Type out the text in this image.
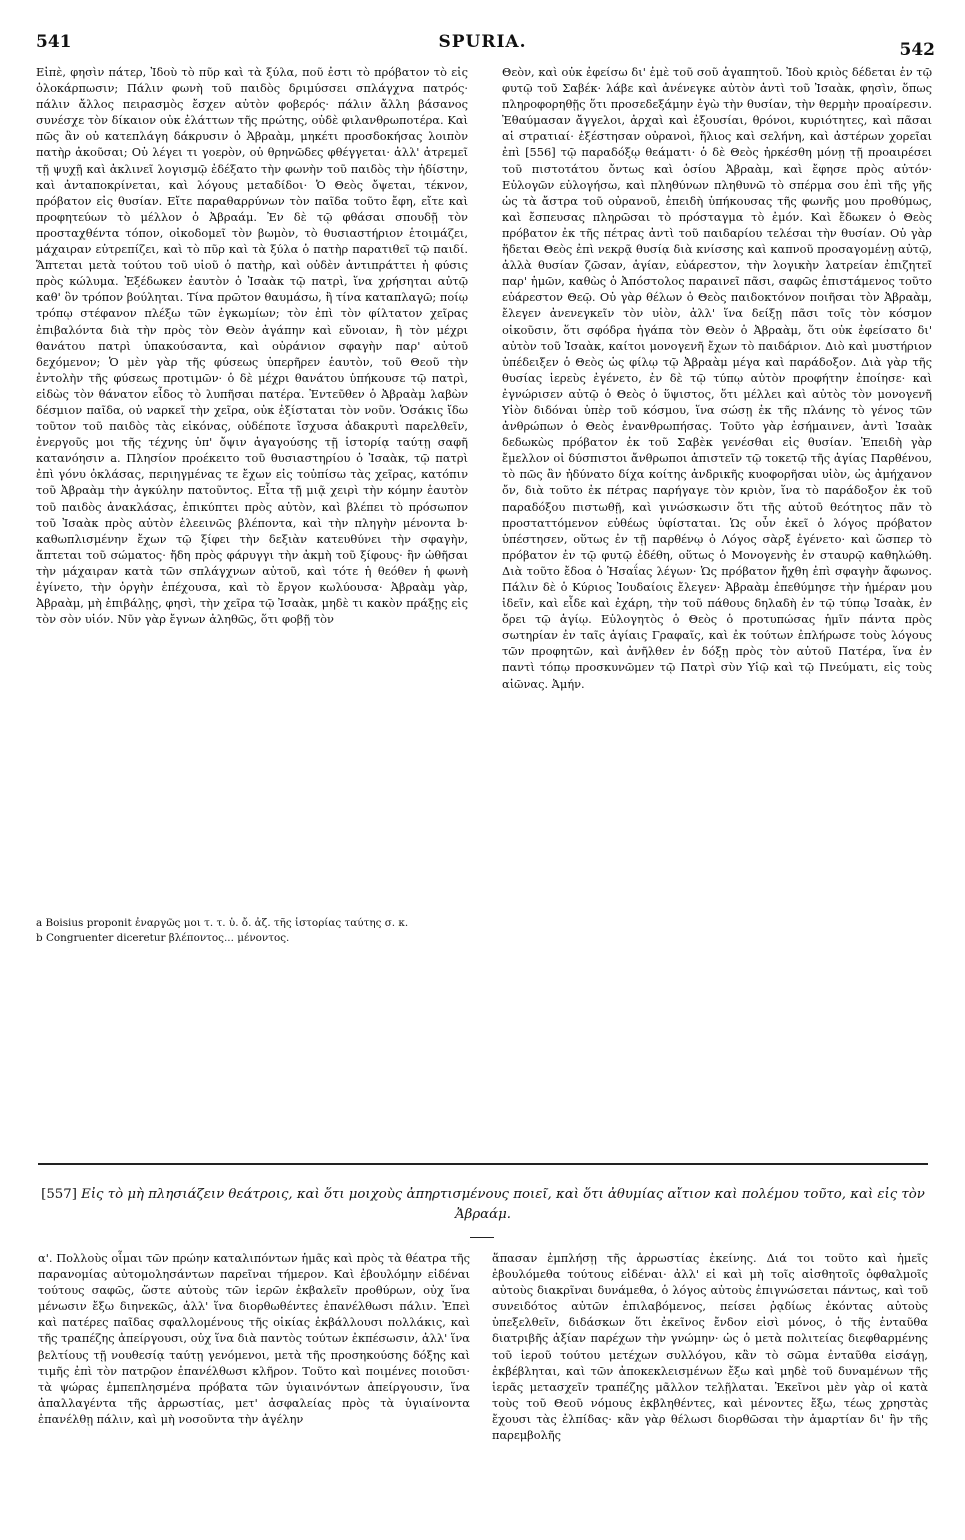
541	SPURIA.	542

Εἰπὲ, φησὶν πάτερ, Ἰδοὺ τὸ πῦρ καὶ τὰ ξύλα, ποῦ ἐστι τὸ πρόβατον τὸ εἰς ὁλοκάρπωσιν; Πάλιν φωνὴ τοῦ παιδὸς δριμύσσει σπλάγχνα πατρός· πάλιν ἄλλος πειρασμὸς ἔσχεν αὐτὸν φοβερός· πάλιν ἄλλη βάσανος συνέσχε τὸν δίκαιον οὐκ ἐλάττων τῆς πρώτης, οὐδὲ φιλανθρωποτέρα. Καὶ πῶς ἂν οὐ κατεπλάγη δάκρυσιν ὁ Ἀβραὰμ, μηκέτι προσδοκήσας λοιπὸν πατὴρ ἀκοῦσαι; Οὐ λέγει τι γοερὸν, οὐ θρηνῶδες φθέγγεται· ἀλλ' ἀτρεμεῖ τῇ ψυχῇ καὶ ἀκλινεῖ λογισμῷ ἐδέξατο τὴν φωνὴν τοῦ παιδὸς τὴν ἡδίστην, καὶ ἀνταποκρίνεται, καὶ λόγους μεταδίδοι· Ὁ Θεὸς ὄψεται, τέκνον, πρόβατον εἰς θυσίαν. Εἴτε παραθαρρύνων τὸν παῖδα τοῦτο ἔφη, εἴτε καὶ προφητεύων τὸ μέλλον ὁ Ἀβραάμ. Ἐν δὲ τῷ φθάσαι σπουδῇ τὸν προσταχθέντα τόπον, οἰκοδομεῖ τὸν βωμὸν, τὸ θυσιαστήριον ἑτοιμάζει, μάχαιραν εὐτρεπίζει, καὶ τὸ πῦρ καὶ τὰ ξύλα ὁ πατὴρ παρατιθεῖ τῷ παιδί. Ἅπτεται μετὰ τούτου τοῦ υἱοῦ ὁ πατὴρ, καὶ οὐδὲν ἀντιπράττει ἡ φύσις πρὸς κώλυμα. Ἐξέδωκεν ἑαυτὸν ὁ Ἰσαὰκ τῷ πατρὶ, ἵνα χρήσηται αὐτῷ καθ' ὃν τρόπον βούληται. Τίνα πρῶτον θαυμάσω, ἢ τίνα καταπλαγῶ; ποίῳ τρόπῳ στέφανον πλέξω τῶν ἐγκωμίων; τὸν ἐπὶ τὸν φίλτατον χεῖρας ἐπιβαλόντα διὰ τὴν πρὸς τὸν Θεὸν ἀγάπην καὶ εὔνοιαν, ἢ τὸν μέχρι θανάτου πατρὶ ὑπακούσαντα, καὶ οὐράνιον σφαγὴν παρ' αὐτοῦ δεχόμενον; Ὁ μὲν γὰρ τῆς φύσεως ὑπερῆρεν ἑαυτὸν, τοῦ Θεοῦ τὴν ἐντολὴν τῆς φύσεως προτιμῶν· ὁ δὲ μέχρι θανάτου ὑπήκουσε τῷ πατρὶ, εἰδὼς τὸν θάνατον εἶδος τὸ λυπῆσαι πατέρα. Ἐντεῦθεν ὁ Ἀβραὰμ λαβὼν δέσμιον παῖδα, οὐ ναρκεῖ τὴν χεῖρα, οὐκ ἐξίσταται τὸν νοῦν. Ὁσάκις ἴδω τοῦτον τοῦ παιδὸς τὰς εἰκόνας, οὐδέποτε ἴσχυσα ἀδακρυτὶ παρελθεῖν, ἐνεργοῦς μοι τῆς τέχνης ὑπ' ὄψιν ἀγαγούσης τῇ ἱστορίᾳ ταύτῃ σαφῆ κατανόησιν a. Πλησίον προέκειτο τοῦ θυσιαστηρίου ὁ Ἰσαὰκ, τῷ πατρὶ ἐπὶ γόνυ ὀκλάσας, περιηγμένας τε ἔχων εἰς τοὐπίσω τὰς χεῖρας, κατόπιν τοῦ Ἀβραὰμ τὴν ἀγκύλην πατοῦντος. Εἶτα τῇ μιᾷ χειρὶ τὴν κόμην ἑαυτὸν τοῦ παιδὸς ἀνακλάσας, ἐπικύπτει πρὸς αὐτὸν, καὶ βλέπει τὸ πρόσωπον τοῦ Ἰσαὰκ πρὸς αὐτὸν ἐλεεινῶς βλέποντα, καὶ τὴν πληγὴν μένοντα b· καθωπλισμένην ἔχων τῷ ξίφει τὴν δεξιὰν κατευθύνει τὴν σφαγὴν, ἅπτεται τοῦ σώματος· ἤδη πρὸς φάρυγγι τὴν ἀκμὴ τοῦ ξίφους· ἣν ὠθῆσαι τὴν μάχαιραν κατὰ τῶν σπλάγχνων αὐτοῦ, καὶ τότε ἡ θεόθεν ἡ φωνὴ ἐγίνετο, τὴν ὀργὴν ἐπέχουσα, καὶ τὸ ἔργον κωλύουσα· Ἀβραὰμ γὰρ, Ἀβραὰμ, μὴ ἐπιβάλῃς, φησὶ, τὴν χεῖρα τῷ Ἰσαὰκ, μηδὲ τι κακὸν πράξῃς εἰς τὸν σὸν υἱόν. Νῦν γὰρ ἔγνων ἀληθῶς, ὅτι φοβῇ τὸν

Θεὸν, καὶ οὐκ ἐφείσω δι' ἐμὲ τοῦ σοῦ ἀγαπητοῦ. Ἰδοὺ κριὸς δέδεται ἐν τῷ φυτῷ τοῦ Σαβέκ· λάβε καὶ ἀνένεγκε αὐτὸν ἀντὶ τοῦ Ἰσαὰκ, φησὶν, ὅπως πληροφορηθῇς ὅτι προσεδεξάμην ἐγὼ τὴν θυσίαν, τὴν θερμὴν προαίρεσιν. Ἐθαύμασαν ἄγγελοι, ἀρχαὶ καὶ ἐξουσίαι, θρόνοι, κυριότητες, καὶ πᾶσαι αἱ στρατιαί· ἐξέστησαν οὐρανοὶ, ἥλιος καὶ σελήνη, καὶ ἀστέρων χορεῖαι ἐπὶ [556] τῷ παραδόξῳ θεάματι· ὁ δὲ Θεὸς ἠρκέσθη μόνῃ τῇ προαιρέσει τοῦ πιστοτάτου ὄντως καὶ ὁσίου Ἀβραὰμ, καὶ ἔφησε πρὸς αὐτόν· Εὐλογῶν εὐλογήσω, καὶ πληθύνων πληθυνῶ τὸ σπέρμα σου ἐπὶ τῆς γῆς ὡς τὰ ἄστρα τοῦ οὐρανοῦ, ἐπειδὴ ὑπήκουσας τῆς φωνῆς μου προθύμως, καὶ ἔσπευσας πληρῶσαι τὸ πρόσταγμα τὸ ἐμόν. Καὶ ἔδωκεν ὁ Θεὸς πρόβατον ἐκ τῆς πέτρας ἀντὶ τοῦ παιδαρίου τελέσαι τὴν θυσίαν. Οὐ γὰρ ἥδεται Θεὸς ἐπὶ νεκρᾷ θυσίᾳ διὰ κνίσσης καὶ καπνοῦ προσαγομένῃ αὐτῷ, ἀλλὰ θυσίαν ζῶσαν, ἁγίαν, εὐάρεστον, τὴν λογικὴν λατρείαν ἐπιζητεῖ παρ' ἡμῶν, καθὼς ὁ Ἀπόστολος παραινεῖ πᾶσι, σαφῶς ἐπιστάμενος τοῦτο εὐάρεστον Θεῷ. Οὐ γὰρ θέλων ὁ Θεὸς παιδοκτόνον ποιῆσαι τὸν Ἀβραὰμ, ἔλεγεν ἀνενεγκεῖν τὸν υἱὸν, ἀλλ' ἵνα δείξῃ πᾶσι τοῖς τὸν κόσμον οἰκοῦσιν, ὅτι σφόδρα ἠγάπα τὸν Θεὸν ὁ Ἀβραὰμ, ὅτι οὐκ ἐφείσατο δι' αὐτὸν τοῦ Ἰσαὰκ, καίτοι μονογενῆ ἔχων τὸ παιδάριον. Διὸ καὶ μυστήριον ὑπέδειξεν ὁ Θεὸς ὡς φίλῳ τῷ Ἀβραὰμ μέγα καὶ παράδοξον. Διὰ γὰρ τῆς θυσίας ἱερεὺς ἐγένετο, ἐν δὲ τῷ τύπῳ αὐτὸν προφήτην ἐποίησε· καὶ ἐγνώρισεν αὐτῷ ὁ Θεὸς ὁ ὕψιστος, ὅτι μέλλει καὶ αὐτὸς τὸν μονογενῆ Υἱὸν διδόναι ὑπὲρ τοῦ κόσμου, ἵνα σώσῃ ἐκ τῆς πλάνης τὸ γένος τῶν ἀνθρώπων ὁ Θεὸς ἐνανθρωπήσας. Τοῦτο γὰρ ἐσήμαινεν, ἀντὶ Ἰσαὰκ δεδωκὼς πρόβατον ἐκ τοῦ Σαβὲκ γενέσθαι εἰς θυσίαν. Ἐπειδὴ γὰρ ἔμελλον οἱ δύσπιστοι ἄνθρωποι ἀπιστεῖν τῷ τοκετῷ τῆς ἁγίας Παρθένου, τὸ πῶς ἂν ἠδύνατο δίχα κοίτης ἀνδρικῆς κυοφορῆσαι υἱὸν, ὡς ἀμήχανον ὄν, διὰ τοῦτο ἐκ πέτρας παρήγαγε τὸν κριὸν, ἵνα τὸ παράδοξον ἐκ τοῦ παραδόξου πιστωθῇ, καὶ γινώσκωσιν ὅτι τῆς αὐτοῦ θεότητος πᾶν τὸ προσταττόμενον εὐθέως ὑφίσταται. Ὡς οὖν ἐκεῖ ὁ λόγος πρόβατον ὑπέστησεν, οὕτως ἐν τῇ παρθένῳ ὁ Λόγος σὰρξ ἐγένετο· καὶ ὥσπερ τὸ πρόβατον ἐν τῷ φυτῷ ἐδέθη, οὕτως ὁ Μονογενὴς ἐν σταυρῷ καθηλώθη. Διὰ τοῦτο ἔδοα ὁ Ἡσαΐας λέγων· Ὡς πρόβατον ἤχθη ἐπὶ σφαγὴν ἄφωνος. Πάλιν δὲ ὁ Κύριος Ἰουδαίοις ἔλεγεν· Ἀβραὰμ ἐπεθύμησε τὴν ἡμέραν μου ἰδεῖν, καὶ εἶδε καὶ ἐχάρη, τὴν τοῦ πάθους δηλαδὴ ἐν τῷ τύπῳ Ἰσαὰκ, ἐν ὄρει τῷ ἁγίῳ. Εὐλογητὸς ὁ Θεὸς ὁ προτυπώσας ἡμῖν πάντα πρὸς σωτηρίαν ἐν ταῖς ἁγίαις Γραφαῖς, καὶ ἐκ τούτων ἐπλήρωσε τοὺς λόγους τῶν προφητῶν, καὶ ἀνῆλθεν ἐν δόξῃ πρὸς τὸν αὐτοῦ Πατέρα, ἵνα ἐν παντὶ τόπῳ προσκυνῶμεν τῷ Πατρὶ σὺν Υἱῷ καὶ τῷ Πνεύματι, εἰς τοὺς αἰῶνας. Ἀμήν.

a Boisius proponit ἐναργῶς μοι τ. τ. ὑ. ὄ. ἀζ. τῆς ἱστορίας ταύτης σ. κ.

b Congruenter diceretur βλέποντος... μένοντος.

[557] Εἰς τὸ μὴ πλησιάζειν θεάτροις, καὶ ὅτι μοιχοὺς ἀπηρτισμένους ποιεῖ, καὶ ὅτι ἀθυμίας αἴτιον καὶ πολέμου τοῦτο, καὶ εἰς τὸν Ἀβραάμ.

α'. Πολλοὺς οἶμαι τῶν πρώην καταλιπόντων ἡμᾶς καὶ πρὸς τὰ θέατρα τῆς παρανομίας αὐτομολησάντων παρεῖναι τήμερον. Καὶ ἐβουλόμην εἰδέναι τούτους σαφῶς, ὥστε αὐτοὺς τῶν ἱερῶν ἐκβαλεῖν προθύρων, οὐχ ἵνα μένωσιν ἔξω διηνεκῶς, ἀλλ' ἵνα διορθωθέντες ἐπανέλθωσι πάλιν. Ἐπεὶ καὶ πατέρες παῖδας σφαλλομένους τῆς οἰκίας ἐκβάλλουσι πολλάκις, καὶ τῆς τραπέζης ἀπείργουσι, οὐχ ἵνα διὰ παντὸς τούτων ἐκπέσωσιν, ἀλλ' ἵνα βελτίους τῇ νουθεσίᾳ ταύτῃ γενόμενοι, μετὰ τῆς προσηκούσης δόξης καὶ τιμῆς ἐπὶ τὸν πατρῷον ἐπανέλθωσι κλῆρον. Τοῦτο καὶ ποιμένες ποιοῦσι· τὰ ψώρας ἐμπεπλησμένα πρόβατα τῶν ὑγιαινόντων ἀπείργουσιν, ἵνα ἀπαλλαγέντα τῆς ἀρρωστίας, μετ' ἀσφαλείας πρὸς τὰ ὑγιαίνοντα ἐπανέλθῃ πάλιν, καὶ μὴ νοσοῦντα τὴν ἀγέλην

ἅπασαν ἐμπλήσῃ τῆς ἀρρωστίας ἐκείνης. Διά τοι τοῦτο καὶ ἡμεῖς ἐβουλόμεθα τούτους εἰδέναι· ἀλλ' εἰ καὶ μὴ τοῖς αἰσθητοῖς ὀφθαλμοῖς αὐτοὺς διακρῖναι δυνάμεθα, ὁ λόγος αὐτοὺς ἐπιγνώσεται πάντως, καὶ τοῦ συνειδότος αὐτῶν ἐπιλαβόμενος, πείσει ῥᾳδίως ἐκόντας αὐτοὺς ὑπεξελθεῖν, διδάσκων ὅτι ἐκεῖνος ἔνδον εἰσὶ μόνος, ὁ τῆς ἐνταῦθα διατριβῆς ἀξίαν παρέχων τὴν γνώμην· ὡς ὁ μετὰ πολιτείας διεφθαρμένης τοῦ ἱεροῦ τούτου μετέχων συλλόγου, κἂν τὸ σῶμα ἐνταῦθα εἰσάγῃ, ἐκβέβληται, καὶ τῶν ἀποκεκλεισμένων ἔξω καὶ μηδὲ τοῦ δυναμένων τῆς ἱερᾶς μετασχεῖν τραπέζης μᾶλλον τελῇλαται. Ἐκεῖνοι μὲν γὰρ οἱ κατὰ τοὺς τοῦ Θεοῦ νόμους ἐκβληθέντες, καὶ μένοντες ἔξω, τέως χρηστὰς ἔχουσι τὰς ἐλπίδας· κἂν γὰρ θέλωσι διορθῶσαι τὴν ἁμαρτίαν δι' ἣν τῆς παρεμβολῆς
